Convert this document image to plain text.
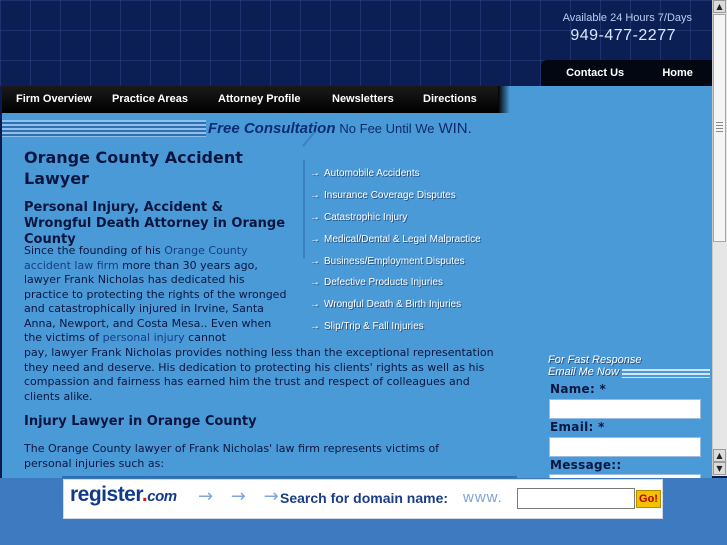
Available 24 Hours 7/Days
949-477-2277
Contact Us	Home
Firm Overview Practice Areas	Attorney Profile	Newsletters	Directions
Free Consultation No Fee Until We WIN.
Orange County Accident Lawyer
Personal Injury, Accident & Wrongful Death Attorney in Orange County
Since the founding of his Orange County accident law firm more than 30 years ago, lawyer Frank Nicholas has dedicated his practice to protecting the rights of the wronged and catastrophically injured in Irvine, Santa Anna, Newport, and Costa Mesa.. Even when the victims of personal injury cannot
pay, lawyer Frank Nicholas provides nothing less than the exceptional representation they need and deserve. His dedication to protecting his clients' rights as well as his compassion and fairness has earned him the trust and respect of colleagues and clients alike.
Injury Lawyer in Orange County
The Orange County lawyer of Frank Nicholas' law firm represents victims of personal injuries such as:
→ Automobile Accidents
→ Insurance Coverage Disputes
→ Catastrophic Injury
→ Medical/Dental & Legal Malpractice
→ Business/Employment Disputes
→ Defective Products Injuries
→ Wrongful Death & Birth Injuries
→ Slip/Trip & Fall Injuries
For Fast Response
Email Me Now
Name: *
Email: *
Message::
▲
▲
▼
register.com → → →
Search for domain name: www.	Go!
